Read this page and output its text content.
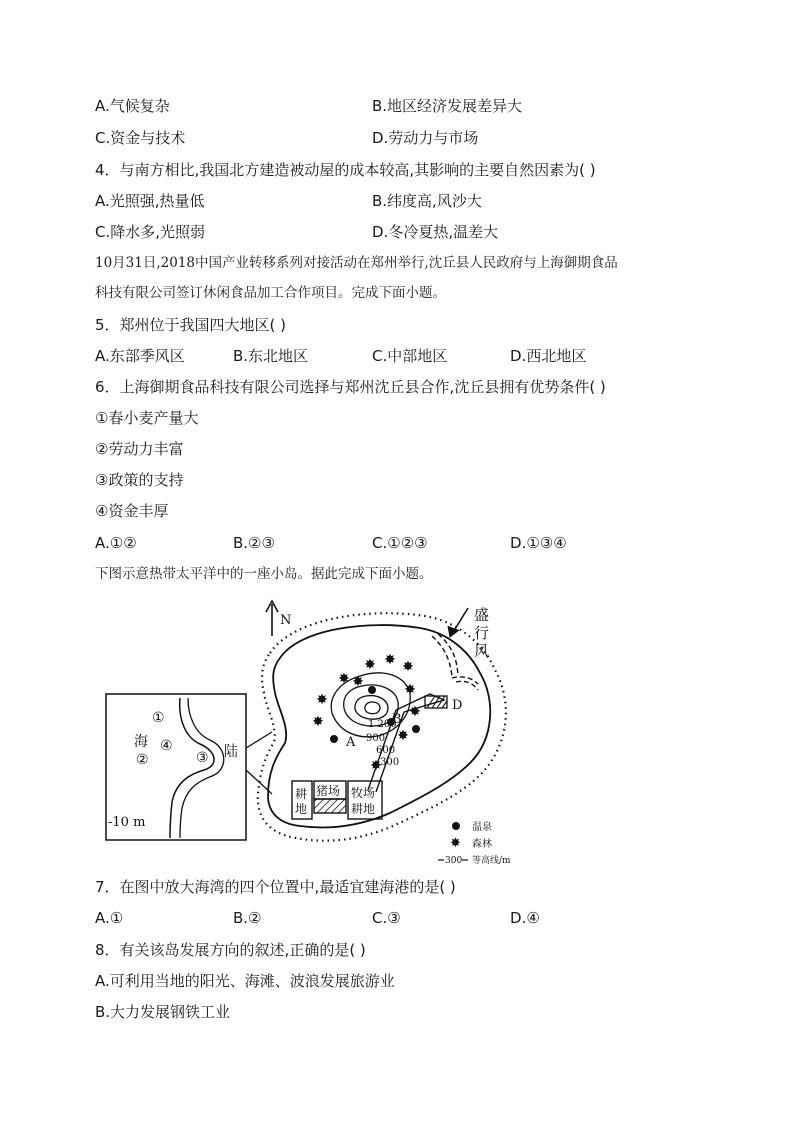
A.气候复杂	B.地区经济发展差异大
C.资金与技术	D.劳动力与市场
4．与南方相比,我国北方建造被动屋的成本较高,其影响的主要自然因素为( )
A.光照强,热量低	B.纬度高,风沙大
C.降水多,光照弱	D.冬冷夏热,温差大
10月31日,2018中国产业转移系列对接活动在郑州举行,沈丘县人民政府与上海御期食品
科技有限公司签订休闲食品加工合作项目。完成下面小题。
5．郑州位于我国四大地区( )
A.东部季风区	B.东北地区	C.中部地区	D.西北地区
6．上海御期食品科技有限公司选择与郑州沈丘县合作,沈丘县拥有优势条件( )
①春小麦产量大
②劳动力丰富
③政策的支持
④资金丰厚
A.①②	B.②③	C.①②③	D.①③④
下图示意热带太平洋中的一座小岛。据此完成下面小题。
N	盛
行
风
D
✸ ✸ ✸
✸
✸
✸
✸
✸
✸
✸
✸
A
B
1 200
900
600
300
耕
地
猪场 牧场
耕地
海
陆
①
②	③
④
-10 m
✸
温泉
森林
300 等高线/m
7．在图中放大海湾的四个位置中,最适宜建海港的是( )
A.①	B.②	C.③	D.④
8．有关该岛发展方向的叙述,正确的是( )
A.可利用当地的阳光、海滩、波浪发展旅游业
B.大力发展钢铁工业
